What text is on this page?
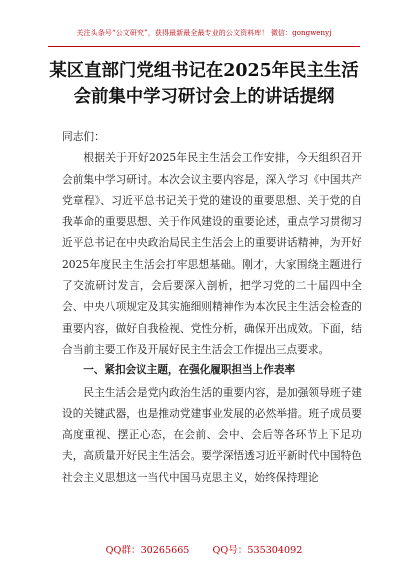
关注头条号“公文研究”，获得最新最全最专业的公文资料库！ 微信：gongwenyj
某区直部门党组书记在2025年民主生活
会前集中学习研讨会上的讲话提纲

同志们：

根据关于开好2025年民主生活会工作安排，今天组织召开会前集中学习研讨。本次会议主要内容是，深入学习《中国共产党章程》、习近平总书记关于党的建设的重要思想、关于党的自我革命的重要思想、关于作风建设的重要论述，重点学习贯彻习近平总书记在中央政治局民主生活会上的重要讲话精神，为开好2025年度民主生活会打牢思想基础。刚才，大家围绕主题进行了交流研讨发言，会后要深入剖析，把学习党的二十届四中全会、中央八项规定及其实施细则精神作为本次民主生活会检查的重要内容，做好自我检视、党性分析，确保开出成效。下面，结合当前主要工作及开展好民主生活会工作提出三点要求。

一、紧扣会议主题，在强化履职担当上作表率

民主生活会是党内政治生活的重要内容，是加强领导班子建设的关键武器，也是推动党建事业发展的必然举措。班子成员要高度重视、摆正心态，在会前、会中、会后等各环节上下足功夫，高质量开好民主生活会。要学深悟透习近平新时代中国特色社会主义思想这一当代中国马克思主义，始终保持理论

QQ群：30265665 QQ号：535304092
